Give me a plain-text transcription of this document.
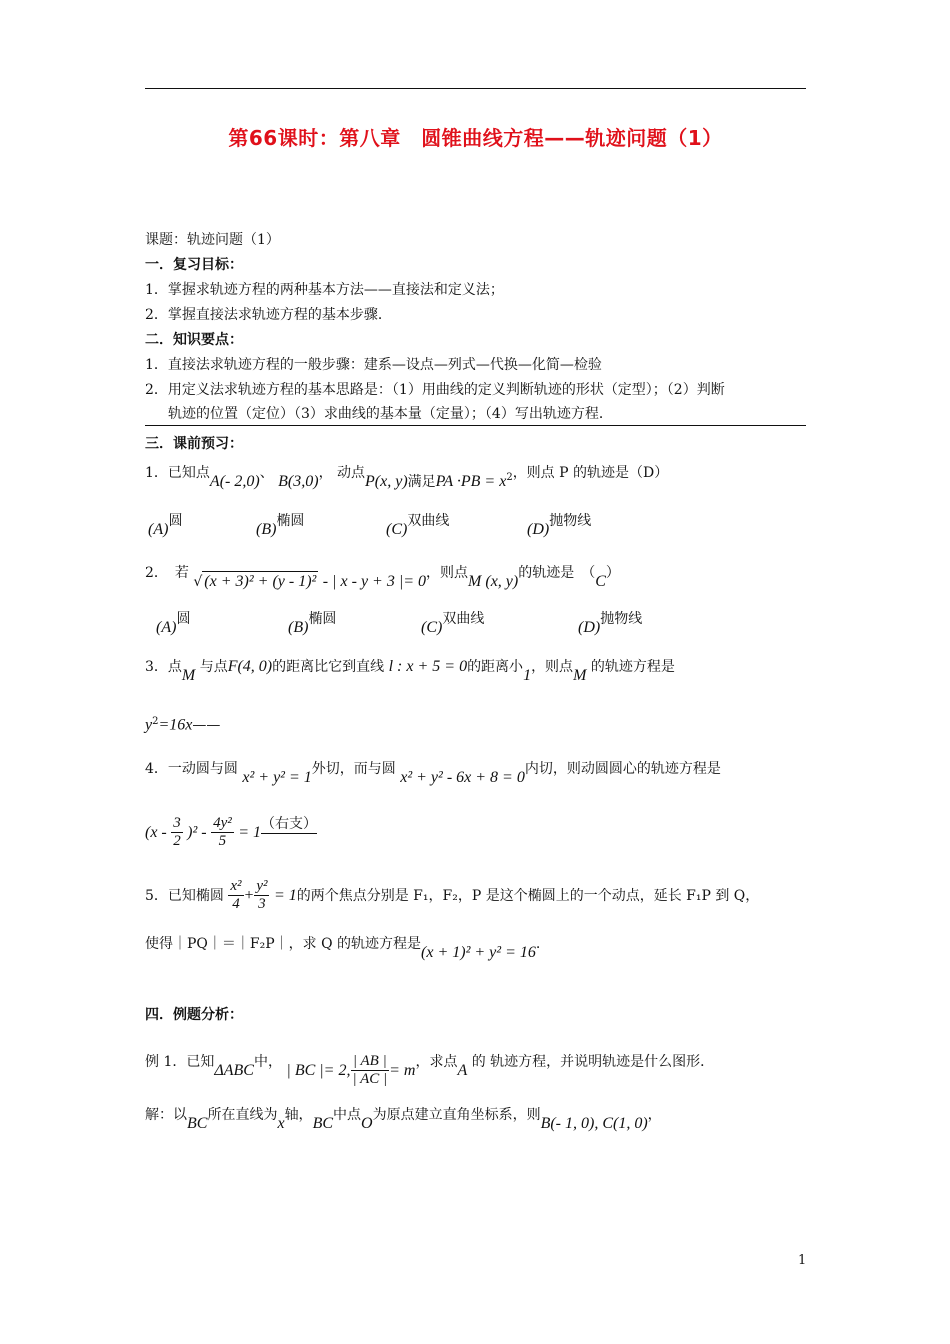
第66课时：第八章　圆锥曲线方程——轨迹问题（1）
课题：轨迹问题（1）
一．复习目标：
1．掌握求轨迹方程的两种基本方法——直接法和定义法；
2．掌握直接法求轨迹方程的基本步骤．
二．知识要点：
1．直接法求轨迹方程的一般步骤：建系—设点—列式—代换—化简—检验
2．用定义法求轨迹方程的基本思路是：（1）用曲线的定义判断轨迹的形状（定型）；（2）判断
轨迹的位置（定位）（3）求曲线的基本量（定量）；（4）写出轨迹方程．
三．课前预习：
1．已知点A(- 2,0)、 B(3,0)， 动点P(x, y)满足PA $\cdot PB = x^2$，则点 P 的轨迹是（D）
(A)圆	(B)椭圆	(C)双曲线	(D)抛物线
2．　若 √ (x + 3)² + (y - 1)² - | x - y + 3 |= 0，则点M (x, y)的轨迹是　（C）
(A)圆	(B)椭圆	(C)双曲线	(D)抛物线
3．点M 与点F(4, 0)的距离比它到直线 l : x + 5 = 0的距离小1，则点M 的轨迹方程是
$y^2=16x——$
4．一动圆与圆 x² + y² = 1外切，而与圆 x² + y² - 6x + 8 = 0内切，则动圆圆心的轨迹方程是
$(x - \frac{3}{2} )^2 - \frac{\text{4y²}}{5} = 1$（右支）
5．已知椭圆 $\frac{\text{x²}}{4} + \frac{\text{y²}}{3} = 1$的两个焦点分别是 F₁，F₂，P 是这个椭圆上的一个动点，延长 F₁P 到 Q，
使得｜PQ｜＝｜F₂P｜，求 Q 的轨迹方程是(x + 1)² + y² = 16.
四．例题分析：
例 1．已知ΔABC中， | BC |= 2, $\frac{| AB |}{| AC |} = m$，求点A 的 轨迹方程，并说明轨迹是什么图形．
解：以BC所在直线为x轴，BC中点O为原点建立直角坐标系，则B(- 1, 0), C(1, 0)，
1
